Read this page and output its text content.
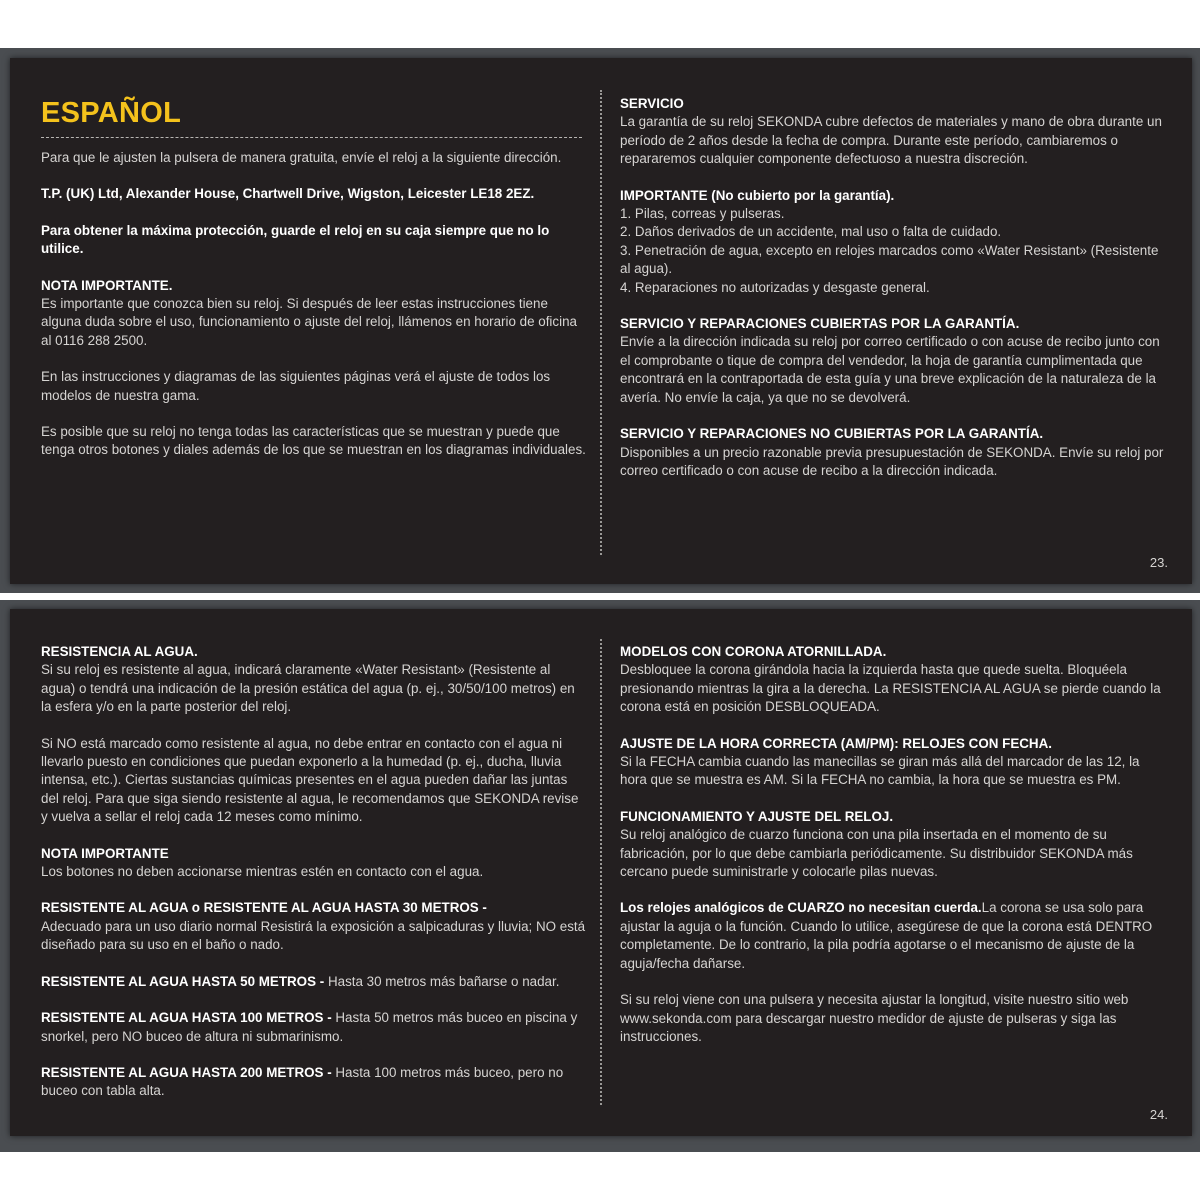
ESPAÑOL

Para que le ajusten la pulsera de manera gratuita, envíe el reloj a la siguiente dirección.

T.P. (UK) Ltd, Alexander House, Chartwell Drive, Wigston, Leicester LE18 2EZ.

Para obtener la máxima protección, guarde el reloj en su caja siempre que no lo utilice.

NOTA IMPORTANTE.
Es importante que conozca bien su reloj. Si después de leer estas instrucciones tiene alguna duda sobre el uso, funcionamiento o ajuste del reloj, llámenos en horario de oficina al 0116 288 2500.

En las instrucciones y diagramas de las siguientes páginas verá el ajuste de todos los modelos de nuestra gama.

Es posible que su reloj no tenga todas las características que se muestran y puede que tenga otros botones y diales además de los que se muestran en los diagramas individuales.

SERVICIO
La garantía de su reloj SEKONDA cubre defectos de materiales y mano de obra durante un período de 2 años desde la fecha de compra. Durante este período, cambiaremos o repararemos cualquier componente defectuoso a nuestra discreción.

IMPORTANTE (No cubierto por la garantía).
1. Pilas, correas y pulseras.
2. Daños derivados de un accidente, mal uso o falta de cuidado.
3. Penetración de agua, excepto en relojes marcados como «Water Resistant» (Resistente al agua).
4. Reparaciones no autorizadas y desgaste general.

SERVICIO Y REPARACIONES CUBIERTAS POR LA GARANTÍA.
Envíe a la dirección indicada su reloj por correo certificado o con acuse de recibo junto con el comprobante o tique de compra del vendedor, la hoja de garantía cumplimentada que encontrará en la contraportada de esta guía y una breve explicación de la naturaleza de la avería. No envíe la caja, ya que no se devolverá.

SERVICIO Y REPARACIONES NO CUBIERTAS POR LA GARANTÍA.
Disponibles a un precio razonable previa presupuestación de SEKONDA. Envíe su reloj por correo certificado o con acuse de recibo a la dirección indicada.

23.

RESISTENCIA AL AGUA.
Si su reloj es resistente al agua, indicará claramente «Water Resistant» (Resistente al agua) o tendrá una indicación de la presión estática del agua (p. ej., 30/50/100 metros) en la esfera y/o en la parte posterior del reloj.

Si NO está marcado como resistente al agua, no debe entrar en contacto con el agua ni llevarlo puesto en condiciones que puedan exponerlo a la humedad (p. ej., ducha, lluvia intensa, etc.). Ciertas sustancias químicas presentes en el agua pueden dañar las juntas del reloj. Para que siga siendo resistente al agua, le recomendamos que SEKONDA revise y vuelva a sellar el reloj cada 12 meses como mínimo.

NOTA IMPORTANTE
Los botones no deben accionarse mientras estén en contacto con el agua.

RESISTENTE AL AGUA o RESISTENTE AL AGUA HASTA 30 METROS -
Adecuado para un uso diario normal Resistirá la exposición a salpicaduras y lluvia; NO está diseñado para su uso en el baño o nado.

RESISTENTE AL AGUA HASTA 50 METROS - Hasta 30 metros más bañarse o nadar.

RESISTENTE AL AGUA HASTA 100 METROS - Hasta 50 metros más buceo en piscina y snorkel, pero NO buceo de altura ni submarinismo.

RESISTENTE AL AGUA HASTA 200 METROS - Hasta 100 metros más buceo, pero no buceo con tabla alta.

MODELOS CON CORONA ATORNILLADA.
Desbloquee la corona girándola hacia la izquierda hasta que quede suelta. Bloquéela presionando mientras la gira a la derecha. La RESISTENCIA AL AGUA se pierde cuando la corona está en posición DESBLOQUEADA.

AJUSTE DE LA HORA CORRECTA (AM/PM): RELOJES CON FECHA.
Si la FECHA cambia cuando las manecillas se giran más allá del marcador de las 12, la hora que se muestra es AM. Si la FECHA no cambia, la hora que se muestra es PM.

FUNCIONAMIENTO Y AJUSTE DEL RELOJ.
Su reloj analógico de cuarzo funciona con una pila insertada en el momento de su fabricación, por lo que debe cambiarla periódicamente. Su distribuidor SEKONDA más cercano puede suministrarle y colocarle pilas nuevas.

Los relojes analógicos de CUARZO no necesitan cuerda.La corona se usa solo para ajustar la aguja o la función. Cuando lo utilice, asegúrese de que la corona está DENTRO completamente. De lo contrario, la pila podría agotarse o el mecanismo de ajuste de la aguja/fecha dañarse.

Si su reloj viene con una pulsera y necesita ajustar la longitud, visite nuestro sitio web www.sekonda.com para descargar nuestro medidor de ajuste de pulseras y siga las instrucciones.

24.
